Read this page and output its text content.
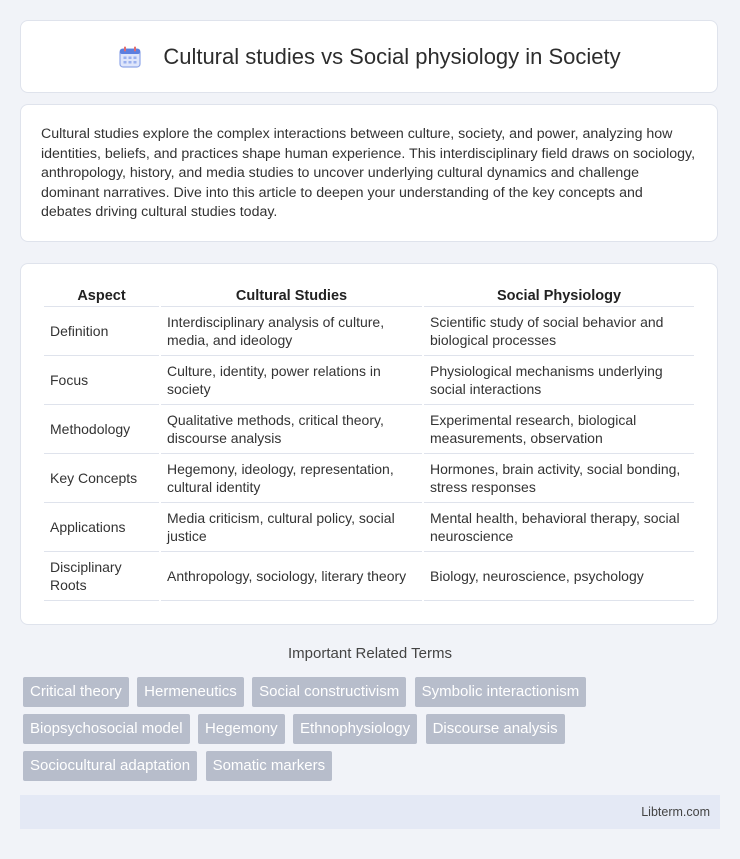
Cultural studies vs Social physiology in Society

Cultural studies explore the complex interactions between culture, society, and power, analyzing how identities, beliefs, and practices shape human experience. This interdisciplinary field draws on sociology, anthropology, history, and media studies to uncover underlying cultural dynamics and challenge dominant narratives. Dive into this article to deepen your understanding of the key concepts and debates driving cultural studies today.

Aspect	Cultural Studies	Social Physiology
Definition	Interdisciplinary analysis of culture, media, and ideology	Scientific study of social behavior and biological processes
Focus	Culture, identity, power relations in society	Physiological mechanisms underlying social interactions
Methodology	Qualitative methods, critical theory, discourse analysis	Experimental research, biological measurements, observation
Key Concepts	Hegemony, ideology, representation, cultural identity	Hormones, brain activity, social bonding, stress responses
Applications	Media criticism, cultural policy, social justice	Mental health, behavioral therapy, social neuroscience
Disciplinary Roots	Anthropology, sociology, literary theory	Biology, neuroscience, psychology
Important Related Terms
Critical theory Hermeneutics Social constructivism Symbolic interactionism Biopsychosocial model Hegemony Ethnophysiology Discourse analysis Sociocultural adaptation Somatic markers
Libterm.com
